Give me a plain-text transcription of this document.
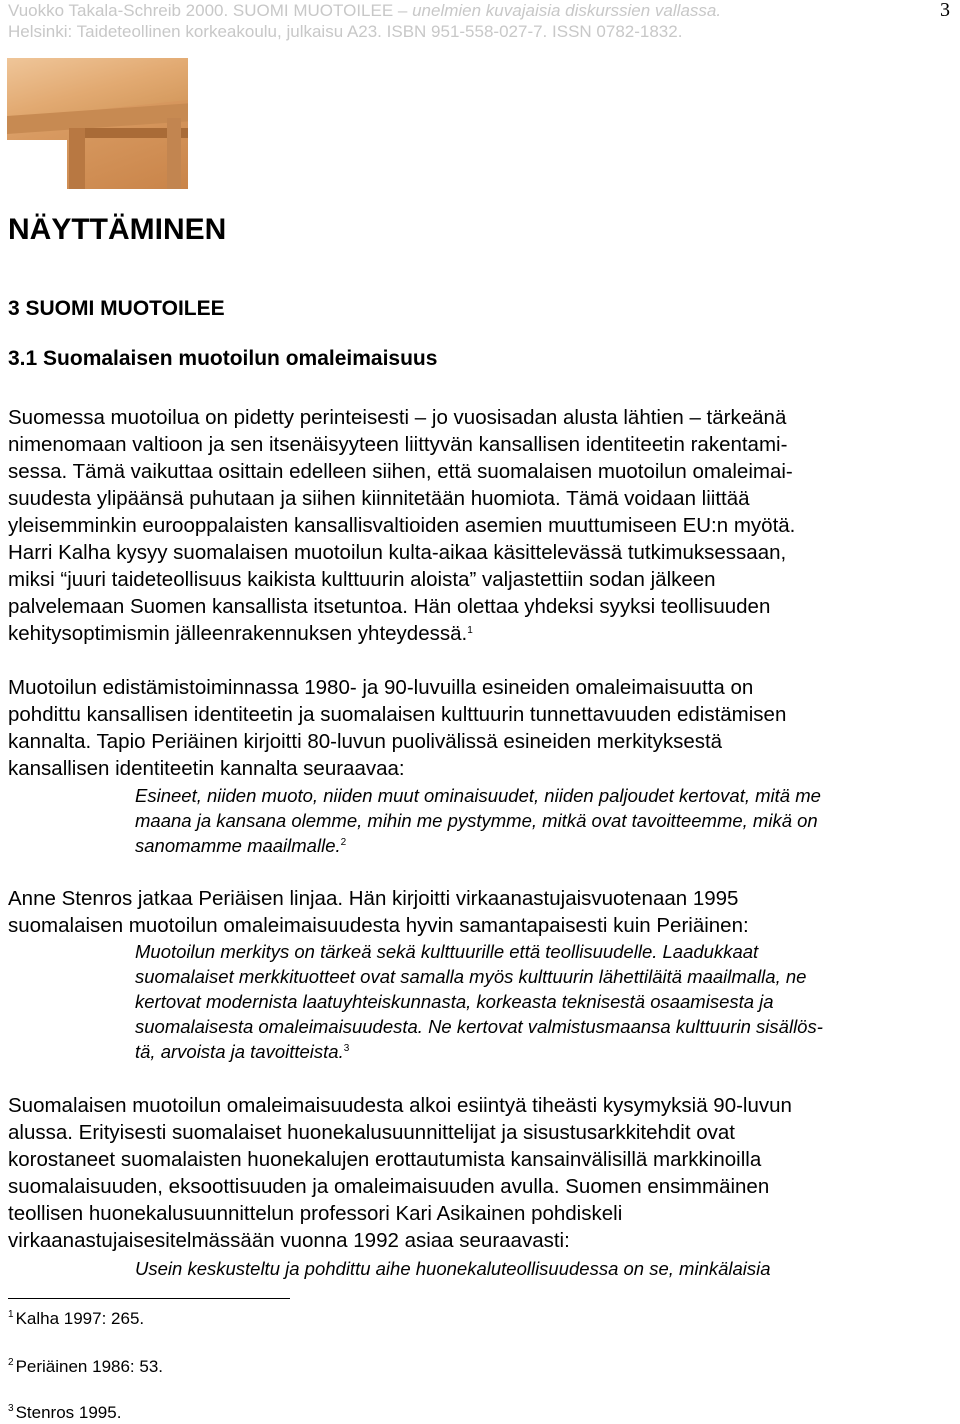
Vuokko Takala-Schreib 2000. SUOMI MUOTOILEE – unelmien kuvajaisia diskurssien vallassa.
Helsinki: Taideteollinen korkeakoulu, julkaisu A23. ISBN 951-558-027-7. ISSN 0782-1832.
3
NÄYTTÄMINEN
3 SUOMI MUOTOILEE
3.1 Suomalaisen muotoilun omaleimaisuus
Suomessa muotoilua on pidetty perinteisesti – jo vuosisadan alusta lähtien – tärkeänä
nimenomaan valtioon ja sen itsenäisyyteen liittyvän kansallisen identiteetin rakentami-
sessa. Tämä vaikuttaa osittain edelleen siihen, että suomalaisen muotoilun omaleimai-
suudesta ylipäänsä puhutaan ja siihen kiinnitetään huomiota. Tämä voidaan liittää
yleisemminkin eurooppalaisten kansallisvaltioiden asemien muuttumiseen EU:n myötä.
Harri Kalha kysyy suomalaisen muotoilun kulta-aikaa käsittelevässä tutkimuksessaan,
miksi “juuri taideteollisuus kaikista kulttuurin aloista” valjastettiin sodan jälkeen
palvelemaan Suomen kansallista itsetuntoa. Hän olettaa yhdeksi syyksi teollisuuden
kehitysoptimismin jälleenrakennuksen yhteydessä.$^1$
Muotoilun edistämistoiminnassa 1980- ja 90-luvuilla esineiden omaleimaisuutta on
pohdittu kansallisen identiteetin ja suomalaisen kulttuurin tunnettavuuden edistämisen
kannalta. Tapio Periäinen kirjoitti 80-luvun puolivälissä esineiden merkityksestä
kansallisen identiteetin kannalta seuraavaa:
Esineet, niiden muoto, niiden muut ominaisuudet, niiden paljoudet kertovat, mitä me
maana ja kansana olemme, mihin me pystymme, mitkä ovat tavoitteemme, mikä on
sanomamme maailmalle.$^2$
Anne Stenros jatkaa Periäisen linjaa. Hän kirjoitti virkaanastujaisvuotenaan 1995
suomalaisen muotoilun omaleimaisuudesta hyvin samantapaisesti kuin Periäinen:
Muotoilun merkitys on tärkeä sekä kulttuurille että teollisuudelle. Laadukkaat
suomalaiset merkkituotteet ovat samalla myös kulttuurin lähettiläitä maailmalla, ne
kertovat modernista laatuyhteiskunnasta, korkeasta teknisestä osaamisesta ja
suomalaisesta omaleimaisuudesta. Ne kertovat valmistusmaansa kulttuurin sisällös-
tä, arvoista ja tavoitteista.$^3$
Suomalaisen muotoilun omaleimaisuudesta alkoi esiintyä tiheästi kysymyksiä 90-luvun
alussa. Erityisesti suomalaiset huonekalusuunnittelijat ja sisustusarkkitehdit ovat
korostaneet suomalaisten huonekalujen erottautumista kansainvälisillä markkinoilla
suomalaisuuden, eksoottisuuden ja omaleimaisuuden avulla. Suomen ensimmäinen
teollisen huonekalusuunnittelun professori Kari Asikainen pohdiskeli
virkaanastujaisesitelmässään vuonna 1992 asiaa seuraavasti:
Usein keskusteltu ja pohdittu aihe huonekaluteollisuudessa on se, minkälaisia
$^1$ Kalha 1997: 265.
$^2$ Periäinen 1986: 53.
$^3$ Stenros 1995.
